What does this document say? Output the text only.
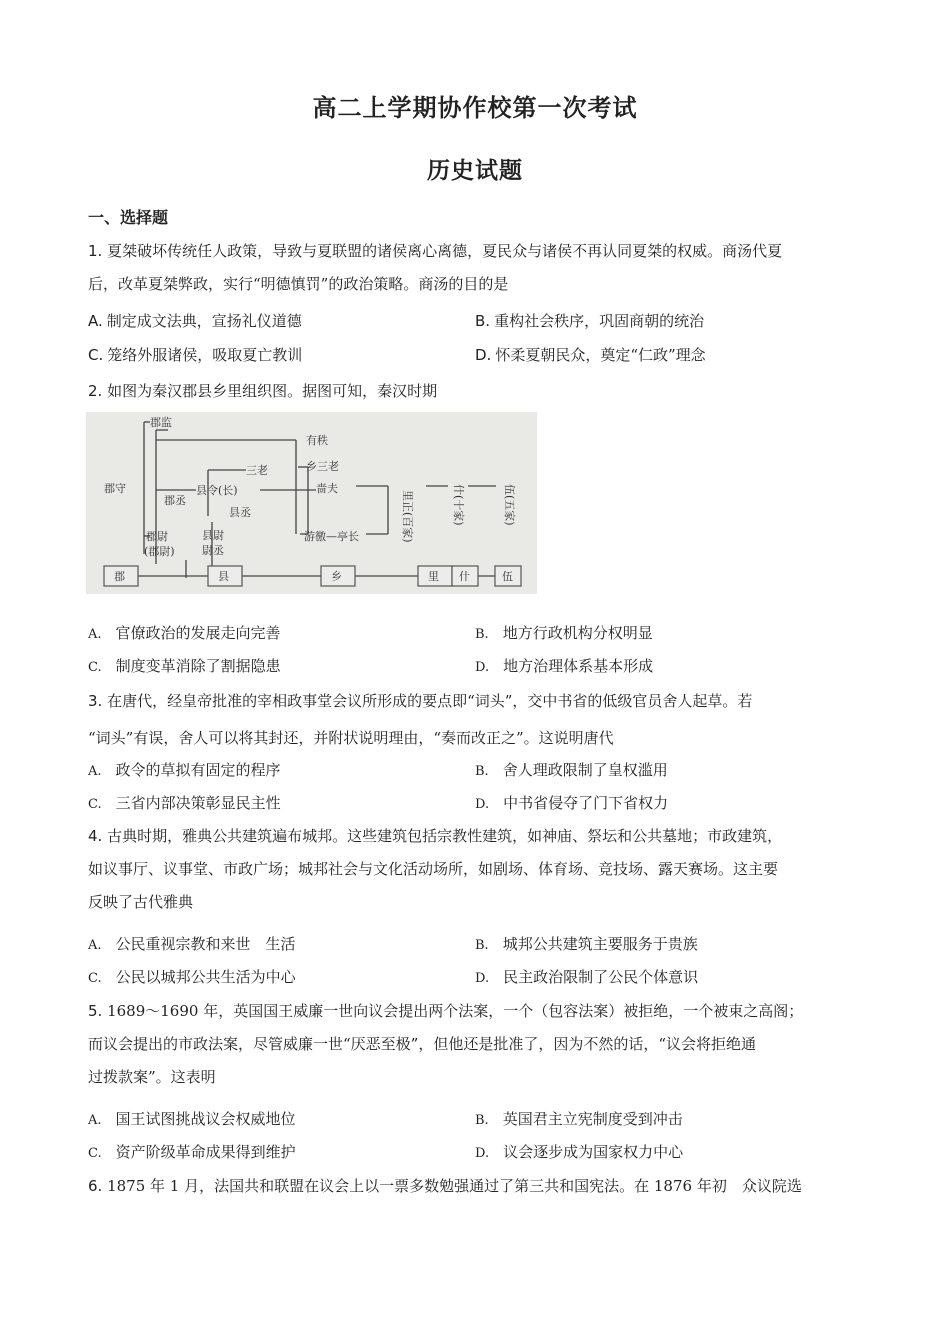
高二上学期协作校第一次考试
历史试题
一、选择题
1. 夏桀破坏传统任人政策，导致与夏联盟的诸侯离心离德，夏民众与诸侯不再认同夏桀的权威。商汤代夏
后，改革夏桀弊政，实行“明德慎罚”的政治策略。商汤的目的是
A. 制定成文法典，宣扬礼仪道德	B. 重构社会秩序，巩固商朝的统治
C. 笼络外服诸侯，吸取夏亡教训	D. 怀柔夏朝民众，奠定“仁政”理念
2. 如图为秦汉郡县乡里组织图。据图可知，秦汉时期
郡监
郡守
郡丞
郡尉
(郡尉)
县令(长)
三老
县丞
县尉
尉丞
有秩
乡三老
啬夫
游徼—亭长	里正(百家)	什(十家)	伍(五家)
郡	县	乡	里 什	伍
A. 官僚政治的发展走向完善	B. 地方行政机构分权明显
C. 制度变革消除了割据隐患	D. 地方治理体系基本形成
3. 在唐代，经皇帝批准的宰相政事堂会议所形成的要点即“词头”，交中书省的低级官员舍人起草。若
“词头”有误，舍人可以将其封还，并附状说明理由，“奏而改正之”。这说明唐代
A. 政令的草拟有固定的程序	B. 舍人理政限制了皇权滥用
C. 三省内部决策彰显民主性	D. 中书省侵夺了门下省权力
4. 古典时期，雅典公共建筑遍布城邦。这些建筑包括宗教性建筑，如神庙、祭坛和公共墓地；市政建筑，
如议事厅、议事堂、市政广场；城邦社会与文化活动场所，如剧场、体育场、竞技场、露天赛场。这主要
反映了古代雅典
A. 公民重视宗教和来世　生活	B. 城邦公共建筑主要服务于贵族
C. 公民以城邦公共生活为中心	D. 民主政治限制了公民个体意识
5. 1689～1690 年，英国国王威廉一世向议会提出两个法案，一个（包容法案）被拒绝，一个被束之高阁；
而议会提出的市政法案，尽管威廉一世“厌恶至极”，但他还是批准了，因为不然的话，“议会将拒绝通
过拨款案”。这表明
A. 国王试图挑战议会权威地位	B. 英国君主立宪制度受到冲击
C. 资产阶级革命成果得到维护	D. 议会逐步成为国家权力中心
6. 1875 年 1 月，法国共和联盟在议会上以一票多数勉强通过了第三共和国宪法。在 1876 年初　众议院选
